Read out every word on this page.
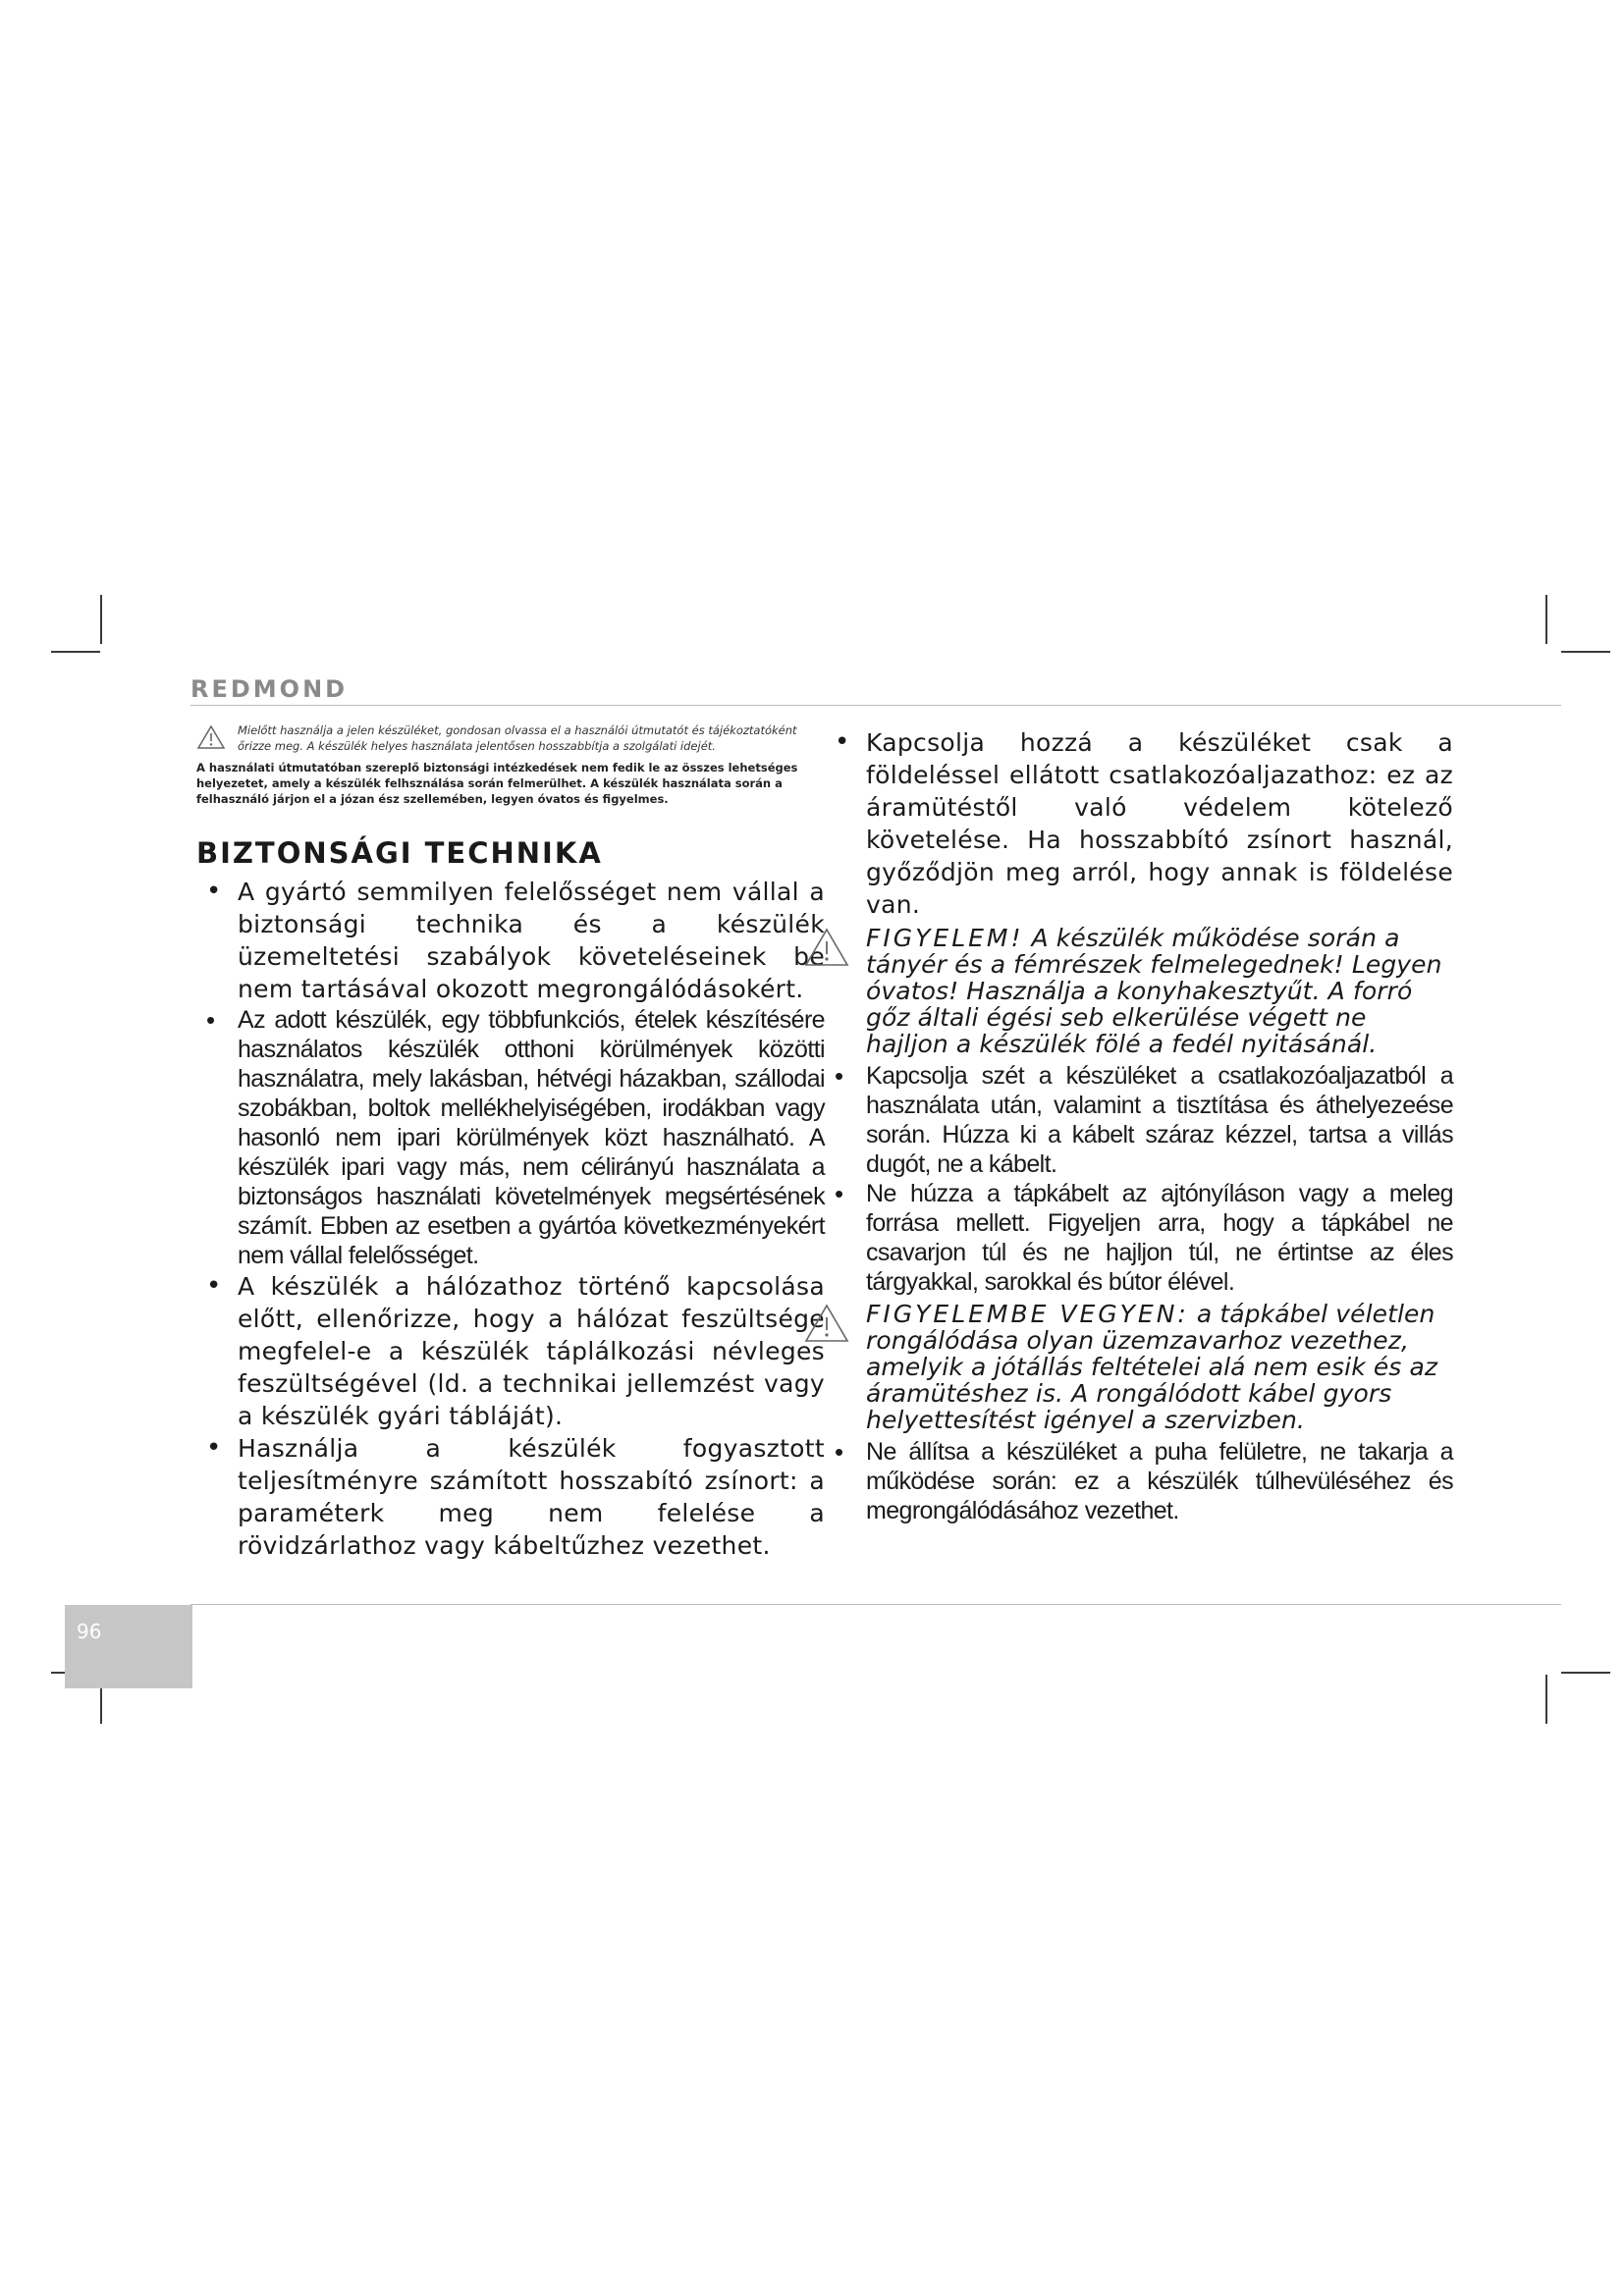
REDMOND
Mielőtt használja a jelen készüléket, gondosan olvassa el a használói útmutatót és tájékoztatóként őrizze meg. A készülék helyes használata jelentősen hosszabbítja a szolgálati idejét.
A használati útmutatóban szereplő biztonsági intézkedések nem fedik le az összes lehetséges helyezetet, amely a készülék felhsználása során felmerülhet. A készülék használata során a felhasználó járjon el a józan ész szellemében, legyen óvatos és figyelmes.
BIZTONSÁGI TECHNIKA
• A gyártó semmilyen felelősséget nem vállal a biztonsági technika és a készülék üzemeltetési szabályok követeléseinek be nem tartásával okozott megrongálódásokért.
• Az adott készülék, egy többfunkciós, ételek készítésére használatos készülék otthoni körülmények közötti használatra, mely lakásban, hétvégi házakban, szállodai szobákban, boltok mellékhelyiségében, irodákban vagy hasonló nem ipari körülmények közt használható. A készülék ipari vagy más, nem célirányú használata a biztonságos használati követelmények megsértésének számít. Ebben az esetben a gyártóa következményekért nem vállal felelősséget.
• A készülék a hálózathoz történő kapcsolása előtt, ellenőrizze, hogy a hálózat feszültsége megfelel-e a készülék táplálkozási névleges feszültségével (ld. a technikai jellemzést vagy a készülék gyári tábláját).
• Használja a készülék fogyasztott teljesítményre számított hosszabító zsínort: a paraméterk meg nem felelése a rövidzárlathoz vagy kábeltűzhez vezethet.
• Kapcsolja hozzá a készüléket csak a földeléssel ellátott csatlakozóaljazathoz: ez az áramütéstől való védelem kötelező követelése. Ha hosszabbító zsínort használ, győződjön meg arról, hogy annak is földelése van.
FIGYELEM! A készülék működése során a tányér és a fémrészek felmelegednek! Legyen óvatos! Használja a konyhakesztyűt. A forró gőz általi égési seb elkerülése végett ne hajljon a készülék fölé a fedél nyitásánál.
• Kapcsolja szét a készüléket a csatlakozóaljazatból a használata után, valamint a tisztítása és áthelyezeése során. Húzza ki a kábelt száraz kézzel, tartsa a villás dugót, ne a kábelt.
• Ne húzza a tápkábelt az ajtónyíláson vagy a meleg forrása mellett. Figyeljen arra, hogy a tápkábel ne csavarjon túl és ne hajljon túl, ne értintse az éles tárgyakkal, sarokkal és bútor élével.
FIGYELEMBE VEGYEN: a tápkábel véletlen rongálódása olyan üzemzavarhoz vezethez, amelyik a jótállás feltételei alá nem esik és az áramütéshez is. A rongálódott kábel gyors helyettesítést igényel a szervizben.
• Ne állítsa a készüléket a puha felületre, ne takarja a működése során: ez a készülék túlhevüléséhez és megrongálódásához vezethet.
